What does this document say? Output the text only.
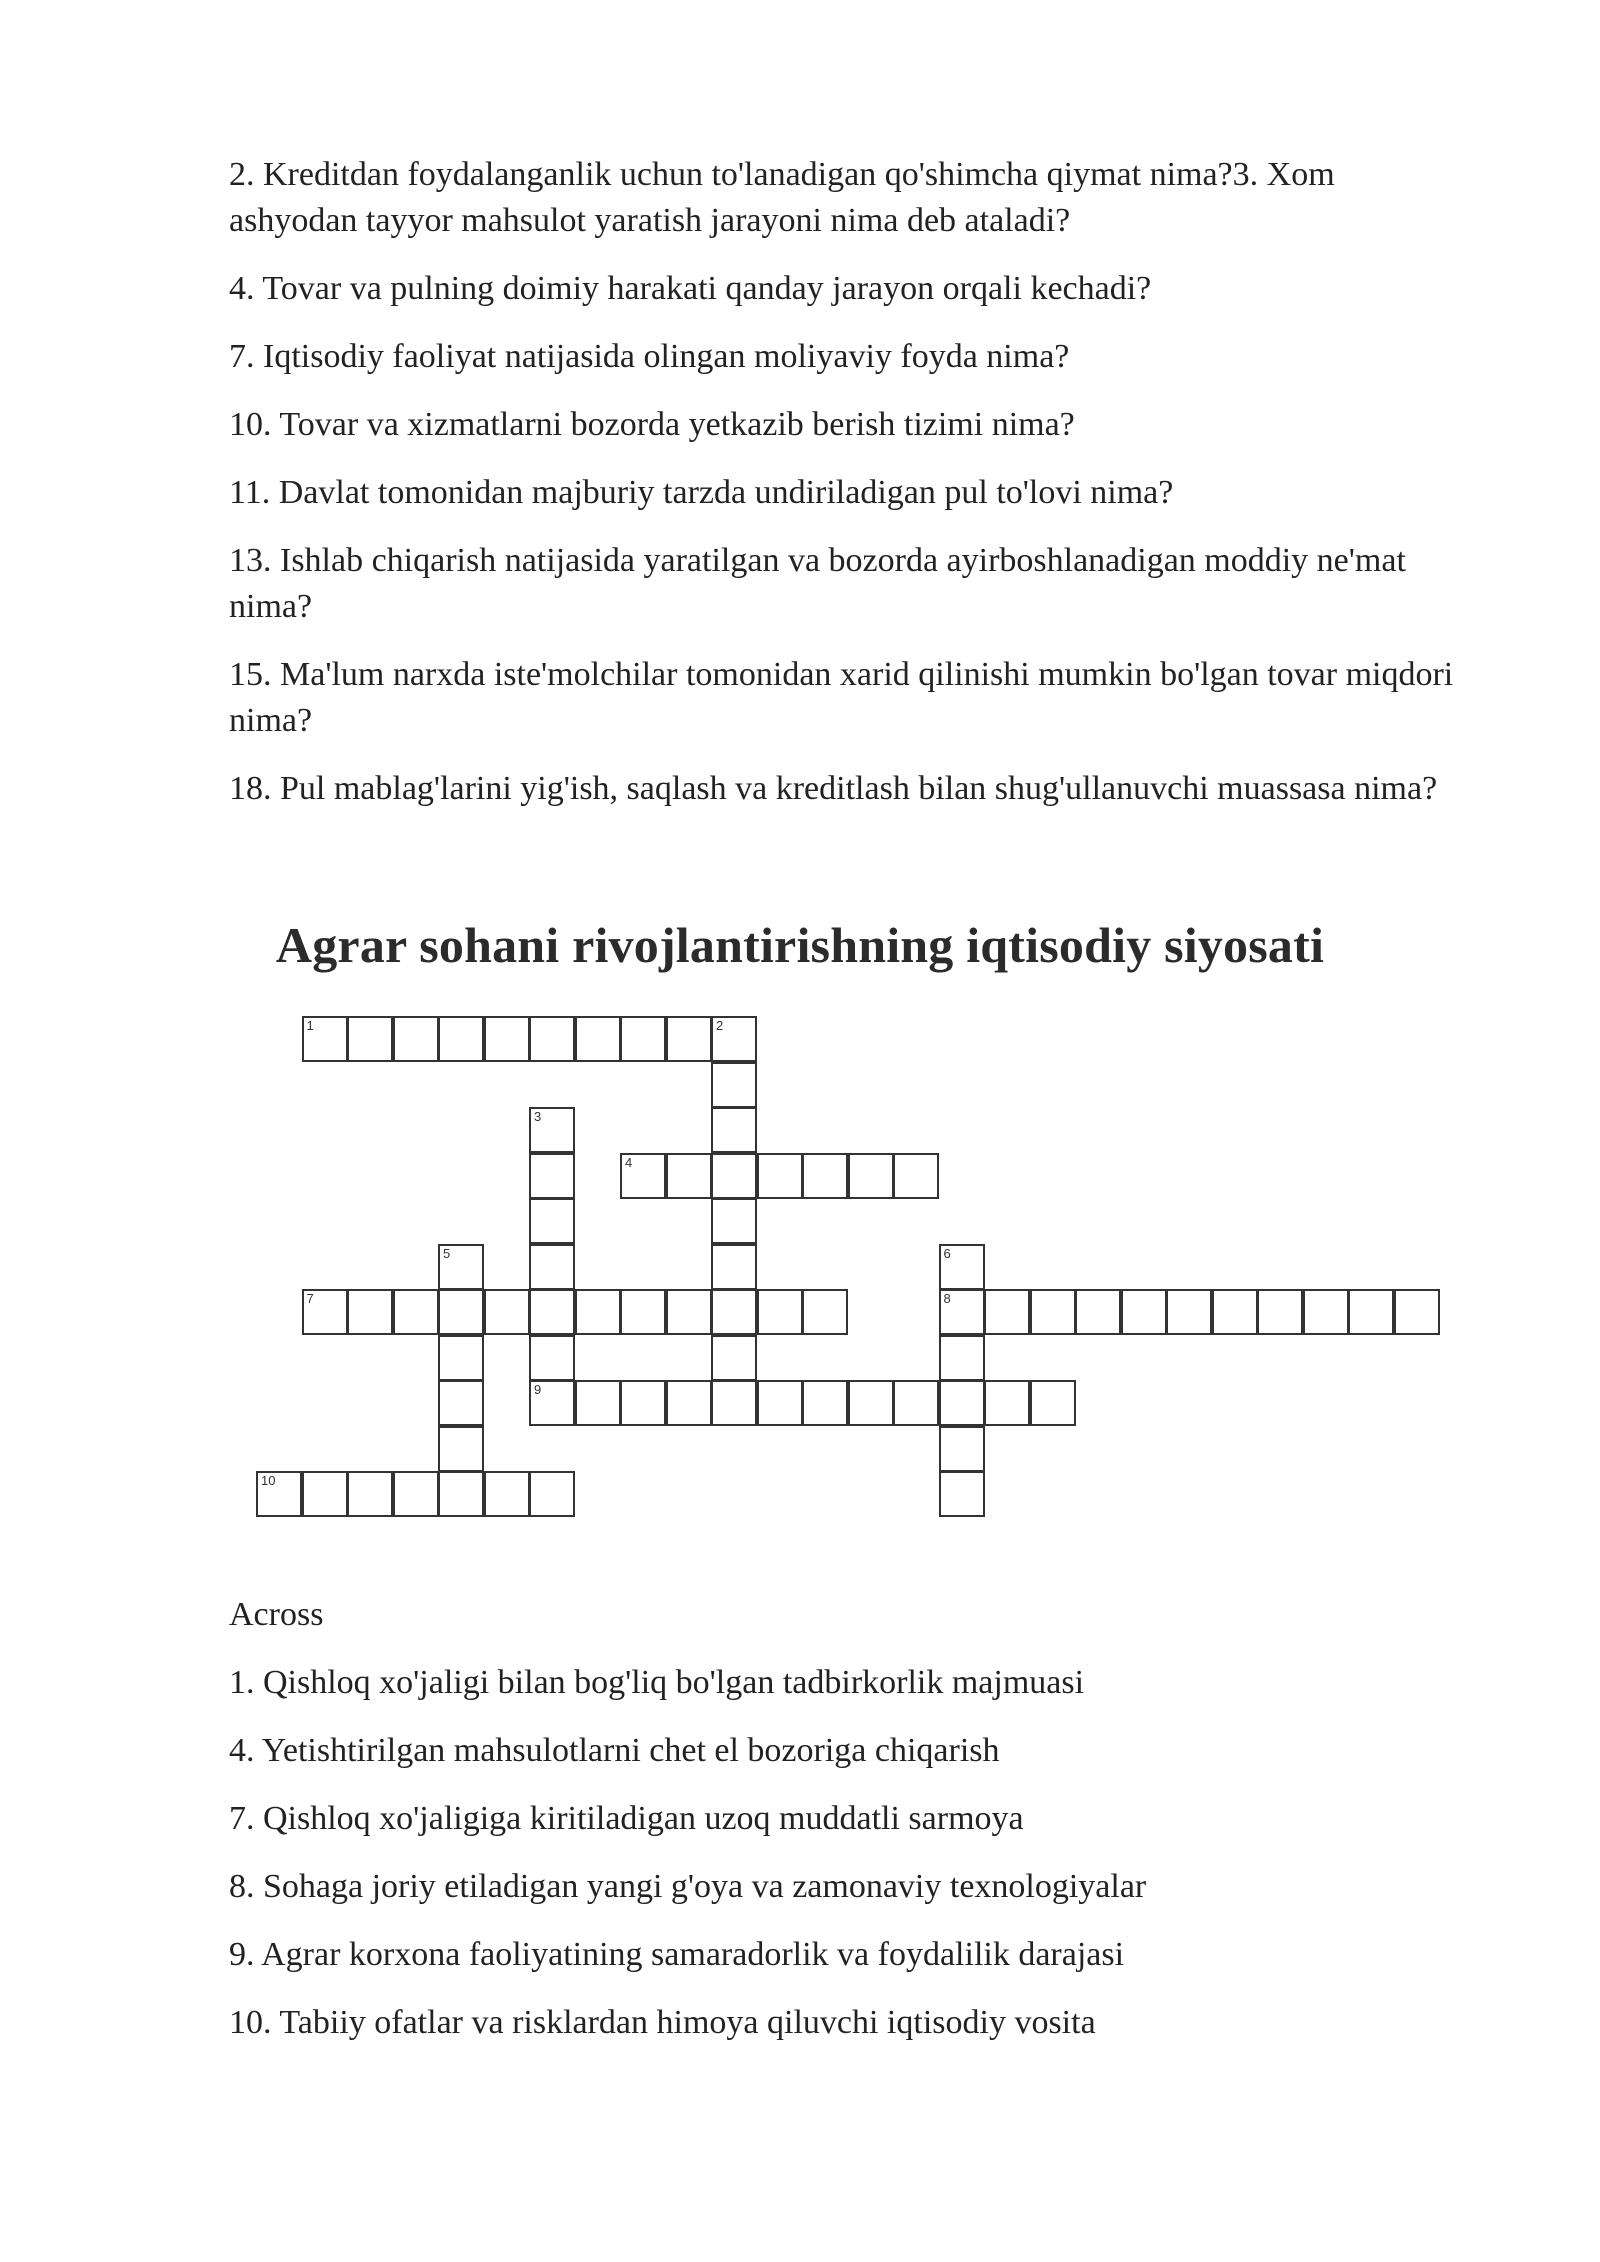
2. Kreditdan foydalanganlik uchun to'lanadigan qo'shimcha qiymat nima?3. Xom ashyodan tayyor mahsulot yaratish jarayoni nima deb ataladi?

4. Tovar va pulning doimiy harakati qanday jarayon orqali kechadi?

7. Iqtisodiy faoliyat natijasida olingan moliyaviy foyda nima?

10. Tovar va xizmatlarni bozorda yetkazib berish tizimi nima?

11. Davlat tomonidan majburiy tarzda undiriladigan pul to'lovi nima?

13. Ishlab chiqarish natijasida yaratilgan va bozorda ayirboshlanadigan moddiy ne'mat nima?

15. Ma'lum narxda iste'molchilar tomonidan xarid qilinishi mumkin bo'lgan tovar miqdori nima?

18. Pul mablag'larini yig'ish, saqlash va kreditlash bilan shug'ullanuvchi muassasa nima?

Agrar sohani rivojlantirishning iqtisodiy siyosati
1	2
3
9
4
5	6
8
7
10

Across

1. Qishloq xo'jaligi bilan bog'liq bo'lgan tadbirkorlik majmuasi

4. Yetishtirilgan mahsulotlarni chet el bozoriga chiqarish

7. Qishloq xo'jaligiga kiritiladigan uzoq muddatli sarmoya

8. Sohaga joriy etiladigan yangi g'oya va zamonaviy texnologiyalar

9. Agrar korxona faoliyatining samaradorlik va foydalilik darajasi

10. Tabiiy ofatlar va risklardan himoya qiluvchi iqtisodiy vosita
